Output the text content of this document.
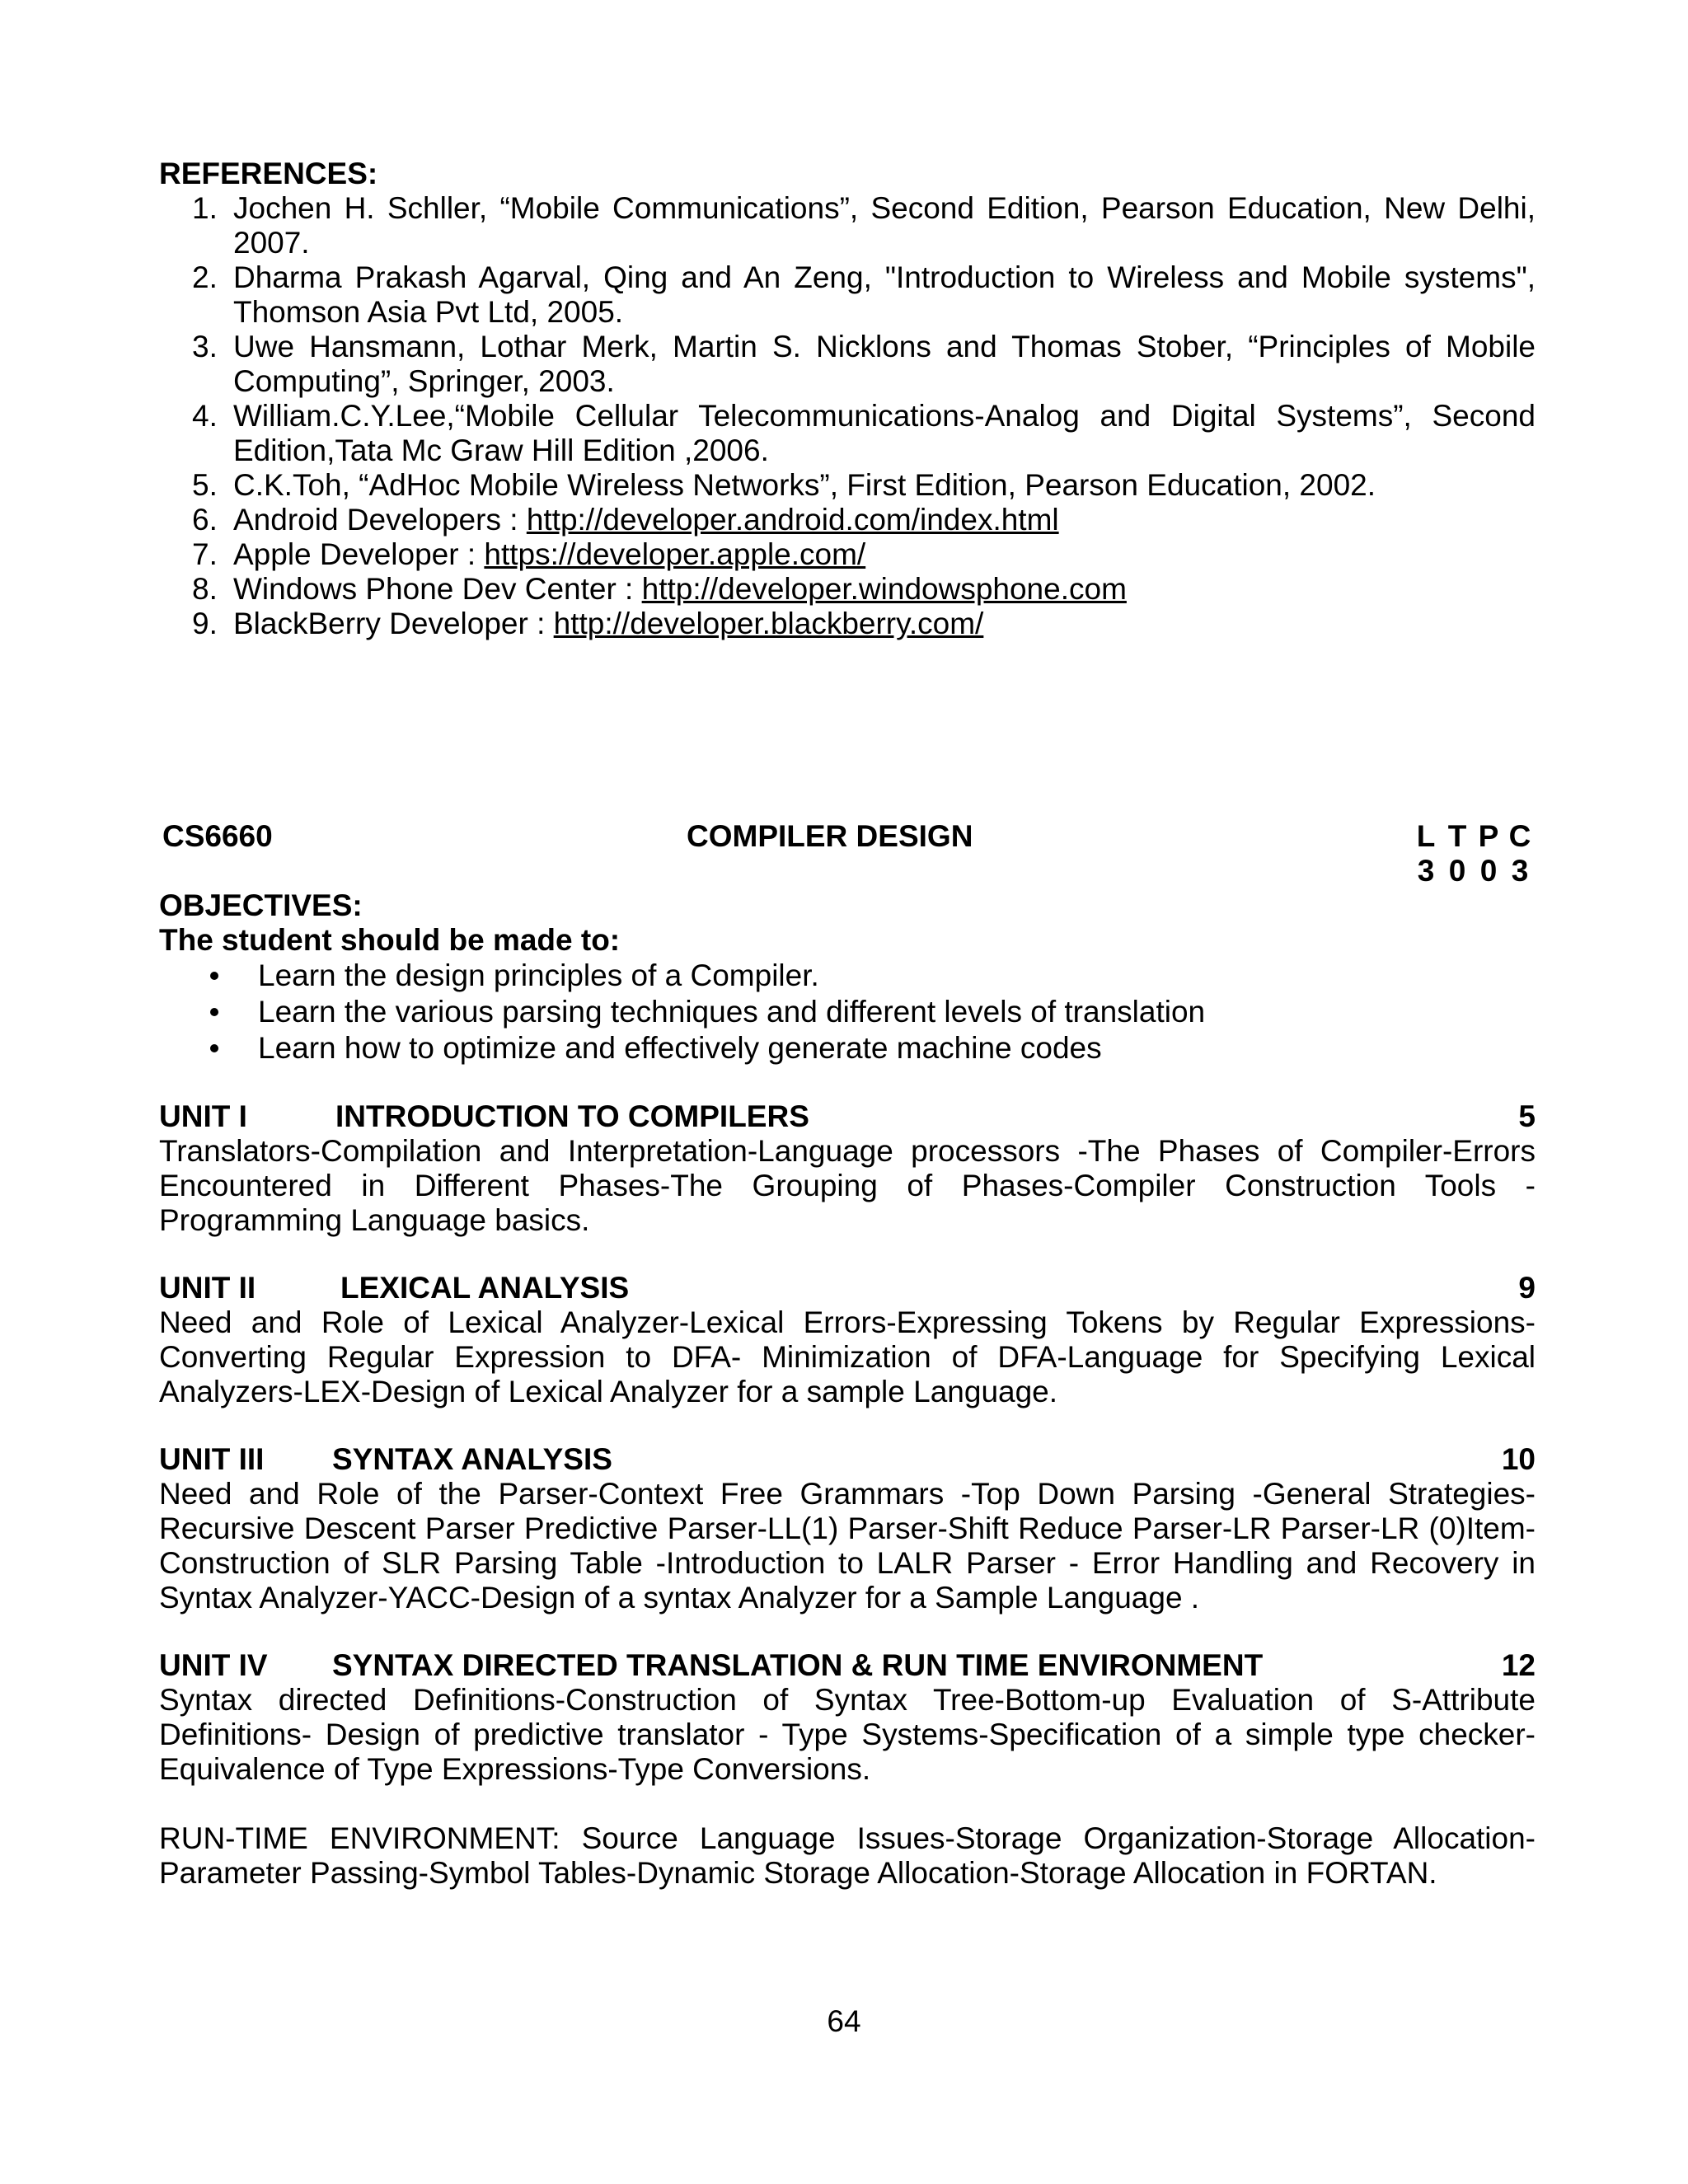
REFERENCES:

1. Jochen H. Schller, “Mobile Communications”, Second Edition, Pearson Education, New Delhi, 2007.
2. Dharma Prakash Agarval, Qing and An Zeng, "Introduction to Wireless and Mobile systems", Thomson Asia Pvt Ltd, 2005.
3. Uwe Hansmann, Lothar Merk, Martin S. Nicklons and Thomas Stober, “Principles of Mobile Computing”, Springer, 2003.
4. William.C.Y.Lee,“Mobile Cellular Telecommunications-Analog and Digital Systems”, Second Edition,Tata Mc Graw Hill Edition ,2006.
5. C.K.Toh, “AdHoc Mobile Wireless Networks”, First Edition, Pearson Education, 2002.
6. Android Developers : http://developer.android.com/index.html
7. Apple Developer : https://developer.apple.com/
8. Windows Phone Dev Center : http://developer.windowsphone.com
9. BlackBerry Developer : http://developer.blackberry.com/
CS6660	COMPILER DESIGN	L T P C
3 0 0 3

OBJECTIVES:

The student should be made to:

Learn the design principles of a Compiler.
Learn the various parsing techniques and different levels of translation
Learn how to optimize and effectively generate machine codes
UNIT I	INTRODUCTION TO COMPILERS	5

Translators-Compilation and Interpretation-Language processors -The Phases of Compiler-Errors Encountered in Different Phases-The Grouping of Phases-Compiler Construction Tools - Programming Language basics.

UNIT II	LEXICAL ANALYSIS	9

Need and Role of Lexical Analyzer-Lexical Errors-Expressing Tokens by Regular Expressions-Converting Regular Expression to DFA- Minimization of DFA-Language for Specifying Lexical Analyzers-LEX-Design of Lexical Analyzer for a sample Language.

UNIT III SYNTAX ANALYSIS	10

Need and Role of the Parser-Context Free Grammars -Top Down Parsing -General Strategies-Recursive Descent Parser Predictive Parser-LL(1) Parser-Shift Reduce Parser-LR Parser-LR (0)Item-Construction of SLR Parsing Table -Introduction to LALR Parser - Error Handling and Recovery in Syntax Analyzer-YACC-Design of a syntax Analyzer for a Sample Language .

UNIT IV SYNTAX DIRECTED TRANSLATION & RUN TIME ENVIRONMENT	12

Syntax directed Definitions-Construction of Syntax Tree-Bottom-up Evaluation of S-Attribute Definitions- Design of predictive translator - Type Systems-Specification of a simple type checker-Equivalence of Type Expressions-Type Conversions.

RUN-TIME ENVIRONMENT: Source Language Issues-Storage Organization-Storage Allocation-Parameter Passing-Symbol Tables-Dynamic Storage Allocation-Storage Allocation in FORTAN.

64
